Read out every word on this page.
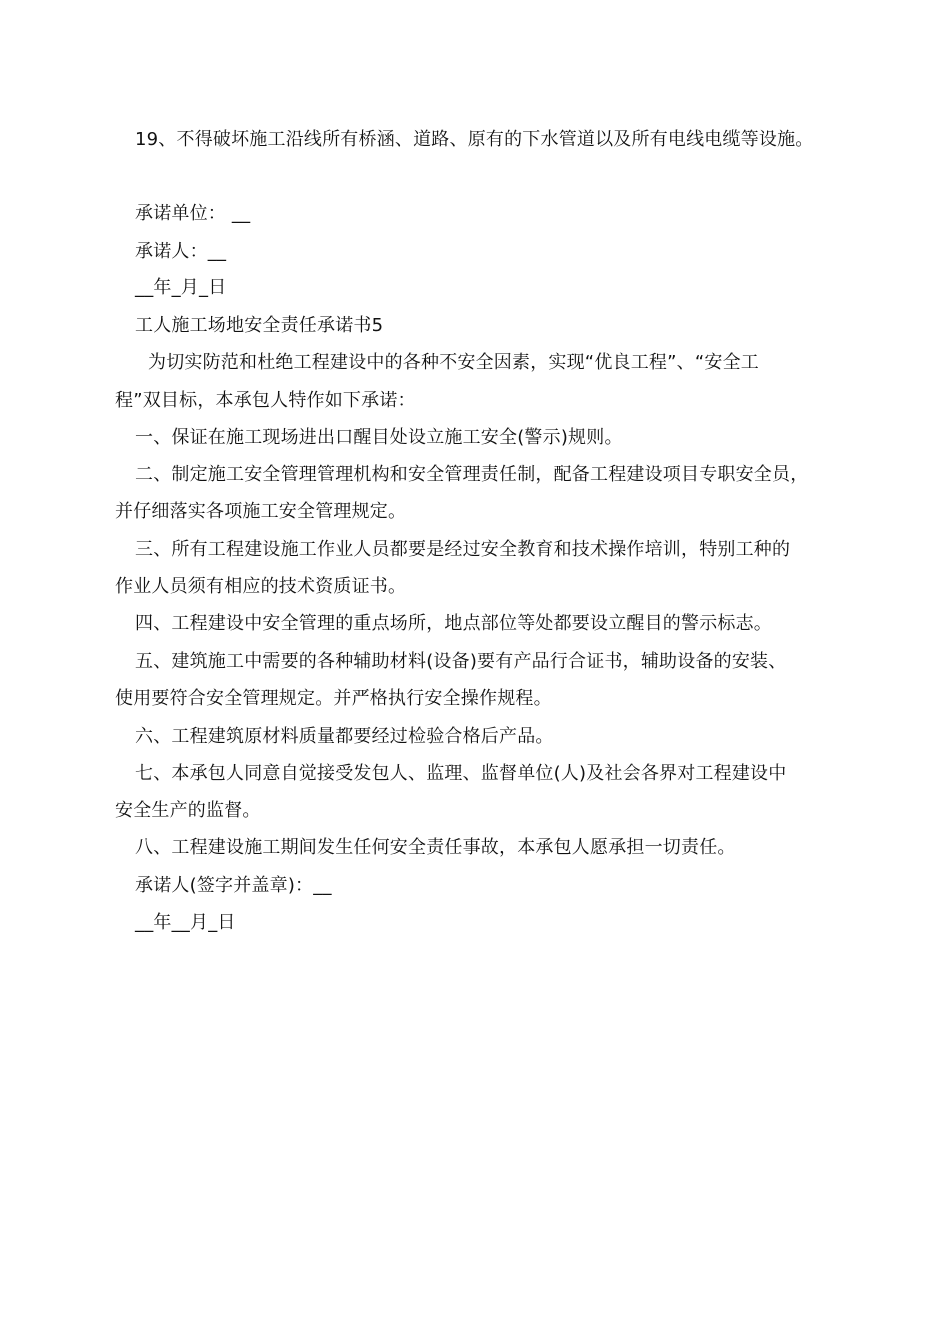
19、不得破坏施工沿线所有桥涵、道路、原有的下水管道以及所有电线电缆等设施。
承诺单位： __
承诺人：__
__年_月_日
工人施工场地安全责任承诺书5
为切实防范和杜绝工程建设中的各种不安全因素，实现“优良工程”、“安全工
程”双目标，本承包人特作如下承诺：
一、保证在施工现场进出口醒目处设立施工安全(警示)规则。
二、制定施工安全管理管理机构和安全管理责任制，配备工程建设项目专职安全员，
并仔细落实各项施工安全管理规定。
三、所有工程建设施工作业人员都要是经过安全教育和技术操作培训，特别工种的
作业人员须有相应的技术资质证书。
四、工程建设中安全管理的重点场所，地点部位等处都要设立醒目的警示标志。
五、建筑施工中需要的各种辅助材料(设备)要有产品行合证书，辅助设备的安装、
使用要符合安全管理规定。并严格执行安全操作规程。
六、工程建筑原材料质量都要经过检验合格后产品。
七、本承包人同意自觉接受发包人、监理、监督单位(人)及社会各界对工程建设中
安全生产的监督。
八、工程建设施工期间发生任何安全责任事故，本承包人愿承担一切责任。
承诺人(签字并盖章)：__
__年__月_日
